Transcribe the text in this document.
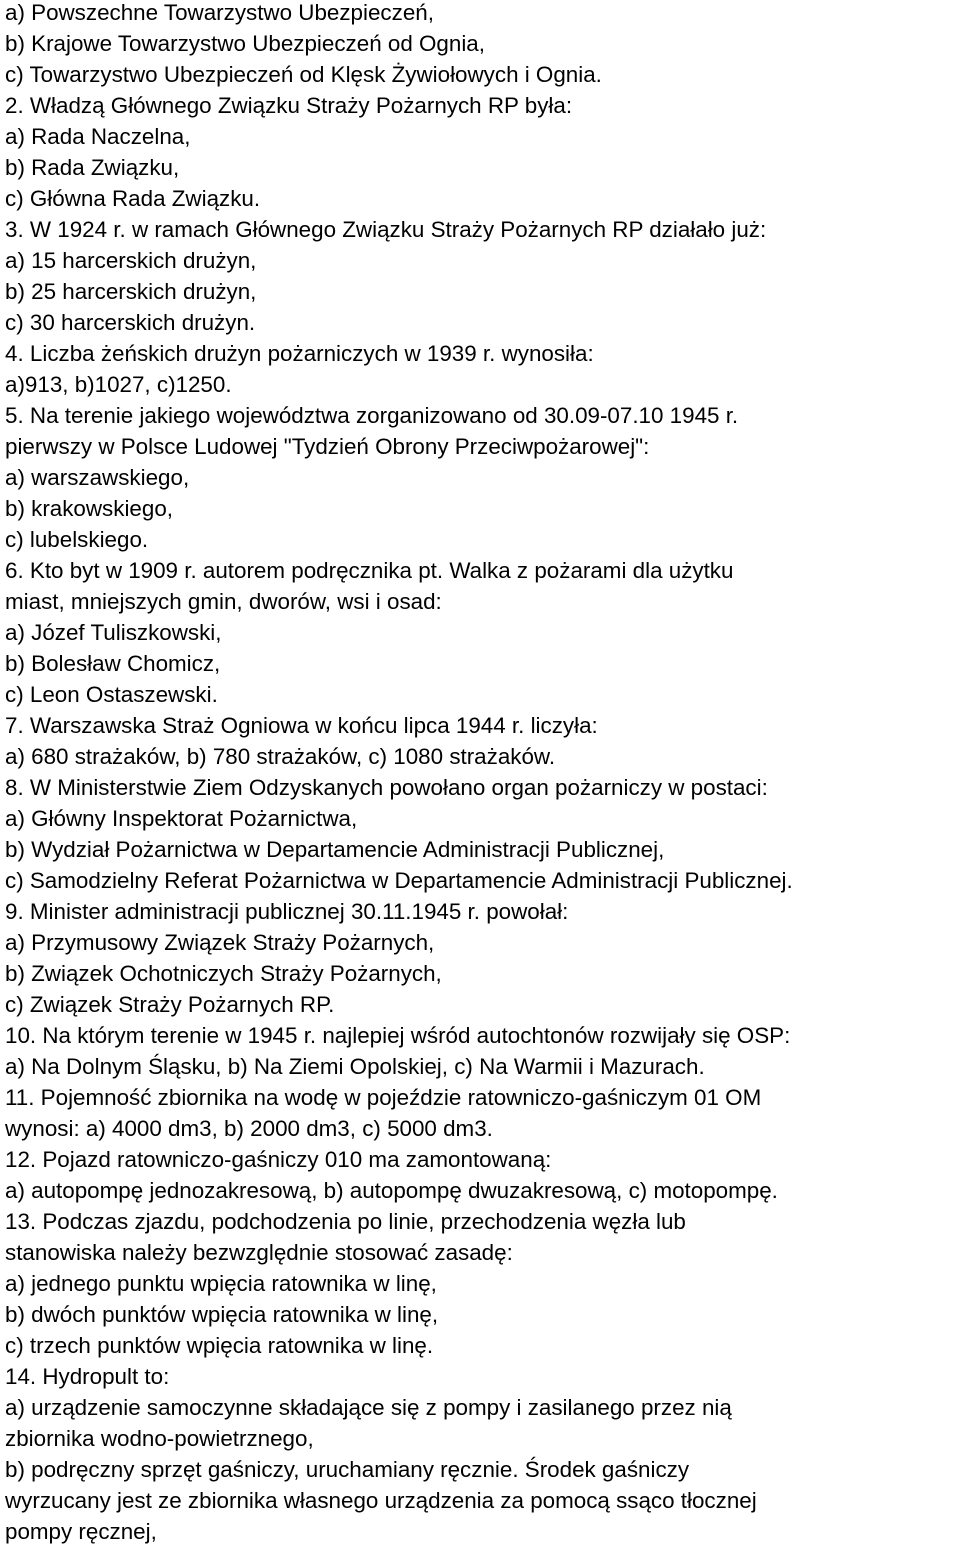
a) Powszechne Towarzystwo Ubezpieczeń,
b) Krajowe Towarzystwo Ubezpieczeń od Ognia,
c) Towarzystwo Ubezpieczeń od Klęsk Żywiołowych i Ognia.
2. Władzą Głównego Związku Straży Pożarnych RP była:
a) Rada Naczelna,
b) Rada Związku,
c) Główna Rada Związku.
3. W 1924 r. w ramach Głównego Związku Straży Pożarnych RP działało już:
a) 15 harcerskich drużyn,
b) 25 harcerskich drużyn,
c) 30 harcerskich drużyn.
4. Liczba żeńskich drużyn pożarniczych w 1939 r. wynosiła:
a)913, b)1027, c)1250.
5. Na terenie jakiego województwa zorganizowano od 30.09-07.10 1945 r.
pierwszy w Polsce Ludowej "Tydzień Obrony Przeciwpożarowej":
a) warszawskiego,
b) krakowskiego,
c) lubelskiego.
6. Kto byt w 1909 r. autorem podręcznika pt. Walka z pożarami dla użytku
miast, mniejszych gmin, dworów, wsi i osad:
a) Józef Tuliszkowski,
b) Bolesław Chomicz,
c) Leon Ostaszewski.
7. Warszawska Straż Ogniowa w końcu lipca 1944 r. liczyła:
a) 680 strażaków, b) 780 strażaków, c) 1080 strażaków.
8. W Ministerstwie Ziem Odzyskanych powołano organ pożarniczy w postaci:
a) Główny Inspektorat Pożarnictwa,
b) Wydział Pożarnictwa w Departamencie Administracji Publicznej,
c) Samodzielny Referat Pożarnictwa w Departamencie Administracji Publicznej.
9. Minister administracji publicznej 30.11.1945 r. powołał:
a) Przymusowy Związek Straży Pożarnych,
b) Związek Ochotniczych Straży Pożarnych,
c) Związek Straży Pożarnych RP.
10. Na którym terenie w 1945 r. najlepiej wśród autochtonów rozwijały się OSP:
a) Na Dolnym Śląsku, b) Na Ziemi Opolskiej, c) Na Warmii i Mazurach.
11. Pojemność zbiornika na wodę w pojeździe ratowniczo-gaśniczym 01 OM
wynosi: a) 4000 dm3, b) 2000 dm3, c) 5000 dm3.
12. Pojazd ratowniczo-gaśniczy 010 ma zamontowaną:
a) autopompę jednozakresową, b) autopompę dwuzakresową, c) motopompę.
13. Podczas zjazdu, podchodzenia po linie, przechodzenia węzła lub
stanowiska należy bezwzględnie stosować zasadę:
a) jednego punktu wpięcia ratownika w linę,
b) dwóch punktów wpięcia ratownika w linę,
c) trzech punktów wpięcia ratownika w linę.
14. Hydropult to:
a) urządzenie samoczynne składające się z pompy i zasilanego przez nią
zbiornika wodno-powietrznego,
b) podręczny sprzęt gaśniczy, uruchamiany ręcznie. Środek gaśniczy
wyrzucany jest ze zbiornika własnego urządzenia za pomocą ssąco tłocznej
pompy ręcznej,
